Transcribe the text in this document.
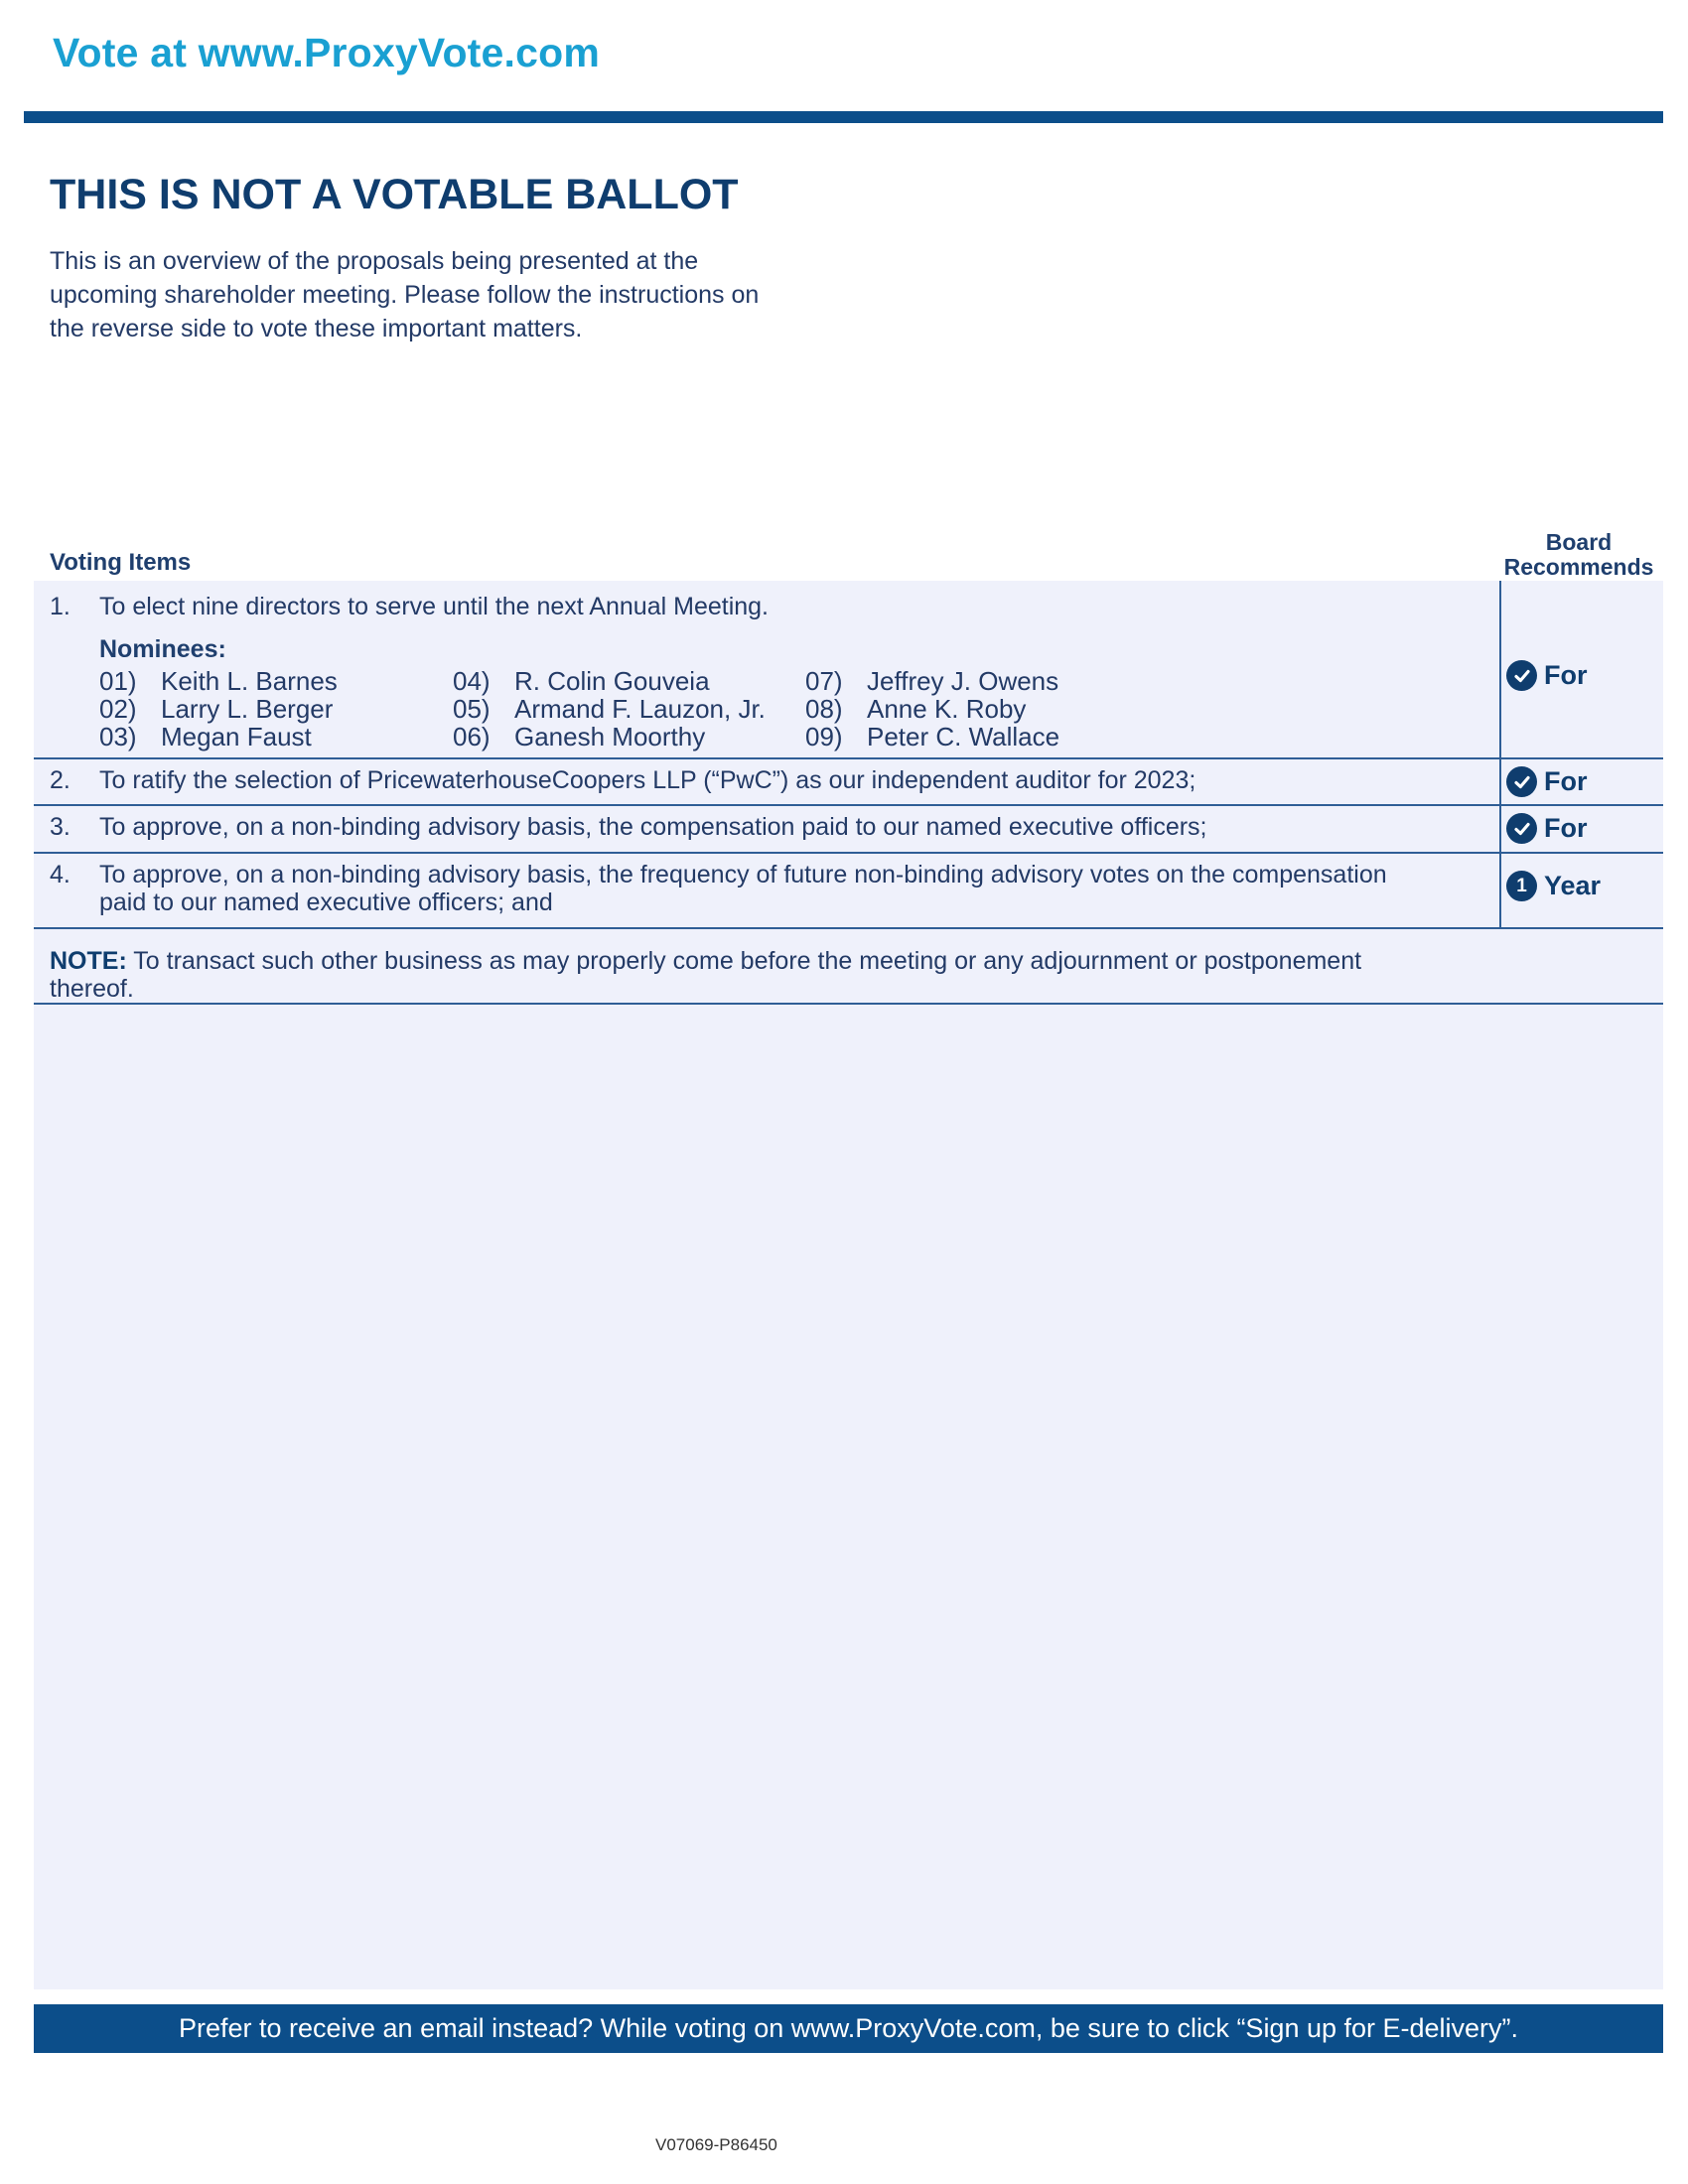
Vote at www.ProxyVote.com
THIS IS NOT A VOTABLE BALLOT
This is an overview of the proposals being presented at the
upcoming shareholder meeting. Please follow the instructions on
the reverse side to vote these important matters.
Voting Items
Board
Recommends
1. To elect nine directors to serve until the next Annual Meeting.
Nominees:
01) Keith L. Barnes
02) Larry L. Berger
03) Megan Faust
04) R. Colin Gouveia
05) Armand F. Lauzon, Jr.
06) Ganesh Moorthy
07) Jeffrey J. Owens
08) Anne K. Roby
09) Peter C. Wallace
For
2. To ratify the selection of PricewaterhouseCoopers LLP (“PwC”) as our independent auditor for 2023;	For
3. To approve, on a non-binding advisory basis, the compensation paid to our named executive officers;	For
4. To approve, on a non-binding advisory basis, the frequency of future non-binding advisory votes on the compensation
paid to our named executive officers; and
1 Year
NOTE: To transact such other business as may properly come before the meeting or any adjournment or postponement
thereof.
Prefer to receive an email instead? While voting on www.ProxyVote.com, be sure to click “Sign up for E-delivery”.
V07069-P86450
